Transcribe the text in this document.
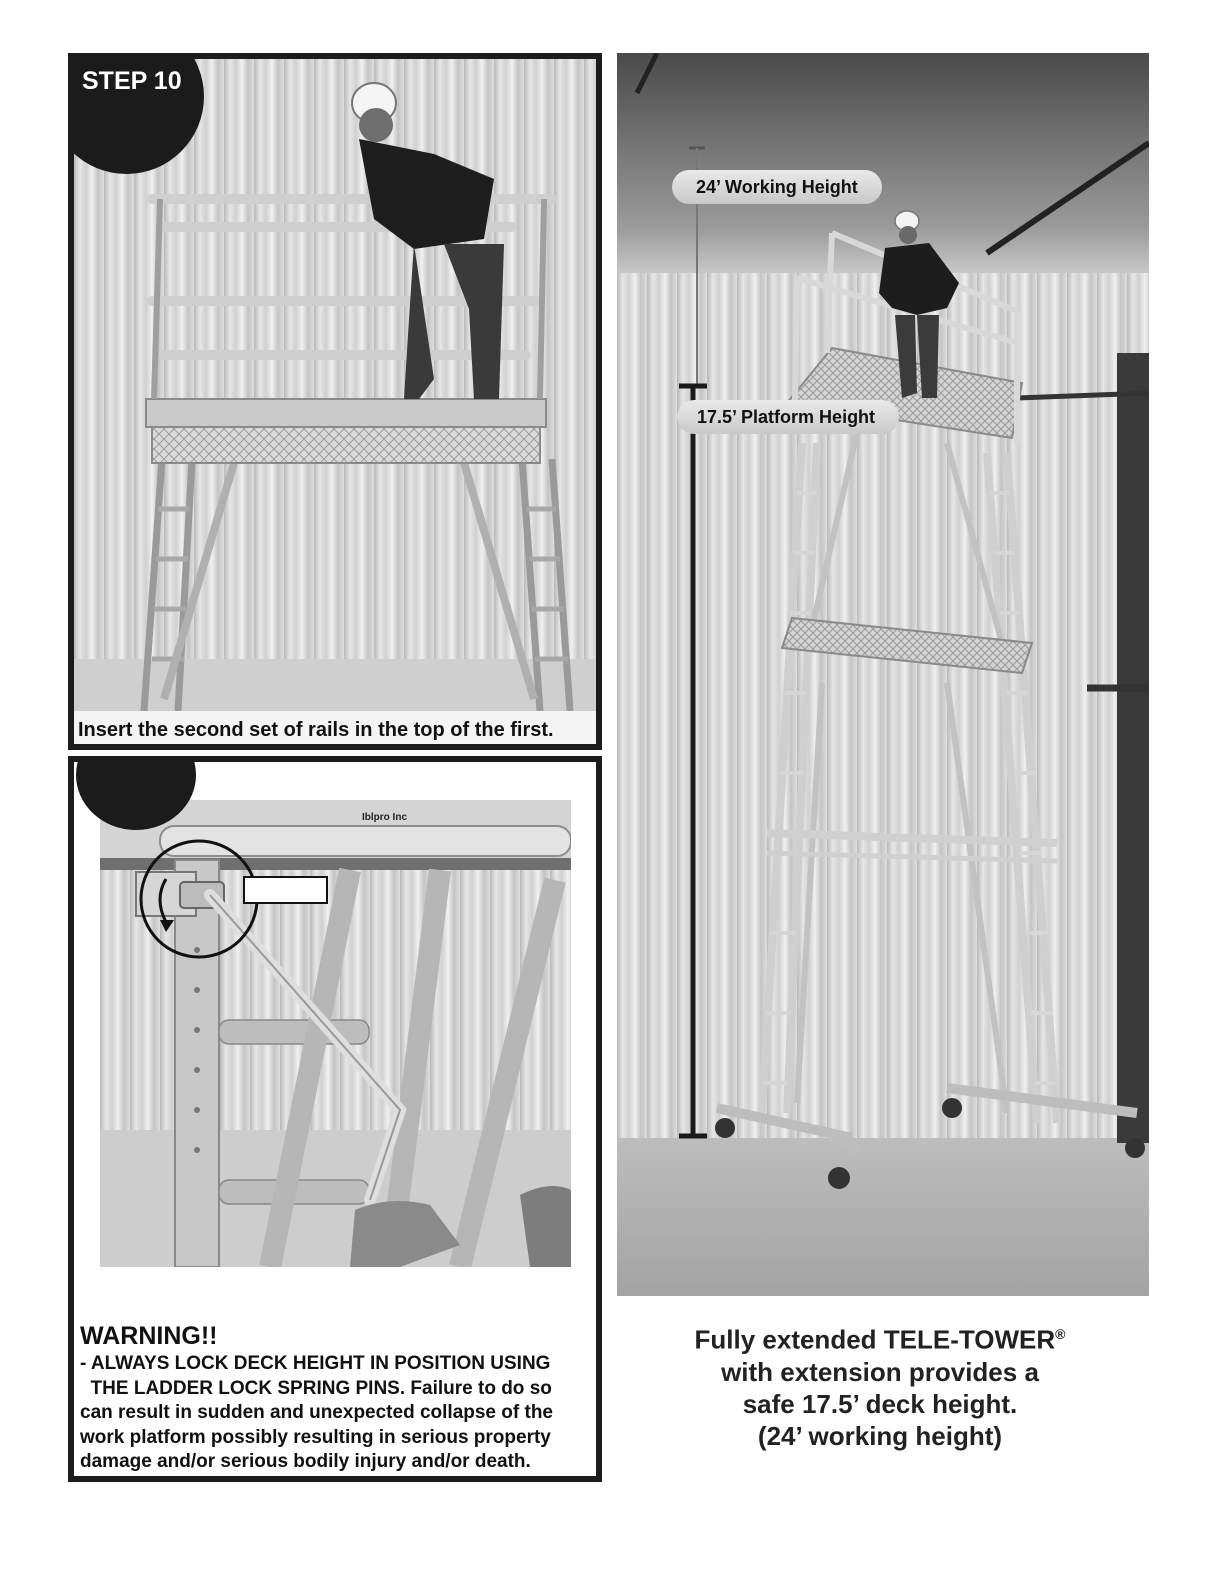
STEP 10
Insert the second set of rails in the top of the first.
Iblpro Inc
WARNING!!
- ALWAYS LOCK DECK HEIGHT IN POSITION USING
THE LADDER LOCK SPRING PINS. Failure to do so
can result in sudden and unexpected collapse of the
work platform possibly resulting in serious property
damage and/or serious bodily injury and/or death.
24’ Working Height
17.5’ Platform Height
Fully extended TELE-TOWER®
with extension provides a
safe 17.5’ deck height.
(24’ working height)
